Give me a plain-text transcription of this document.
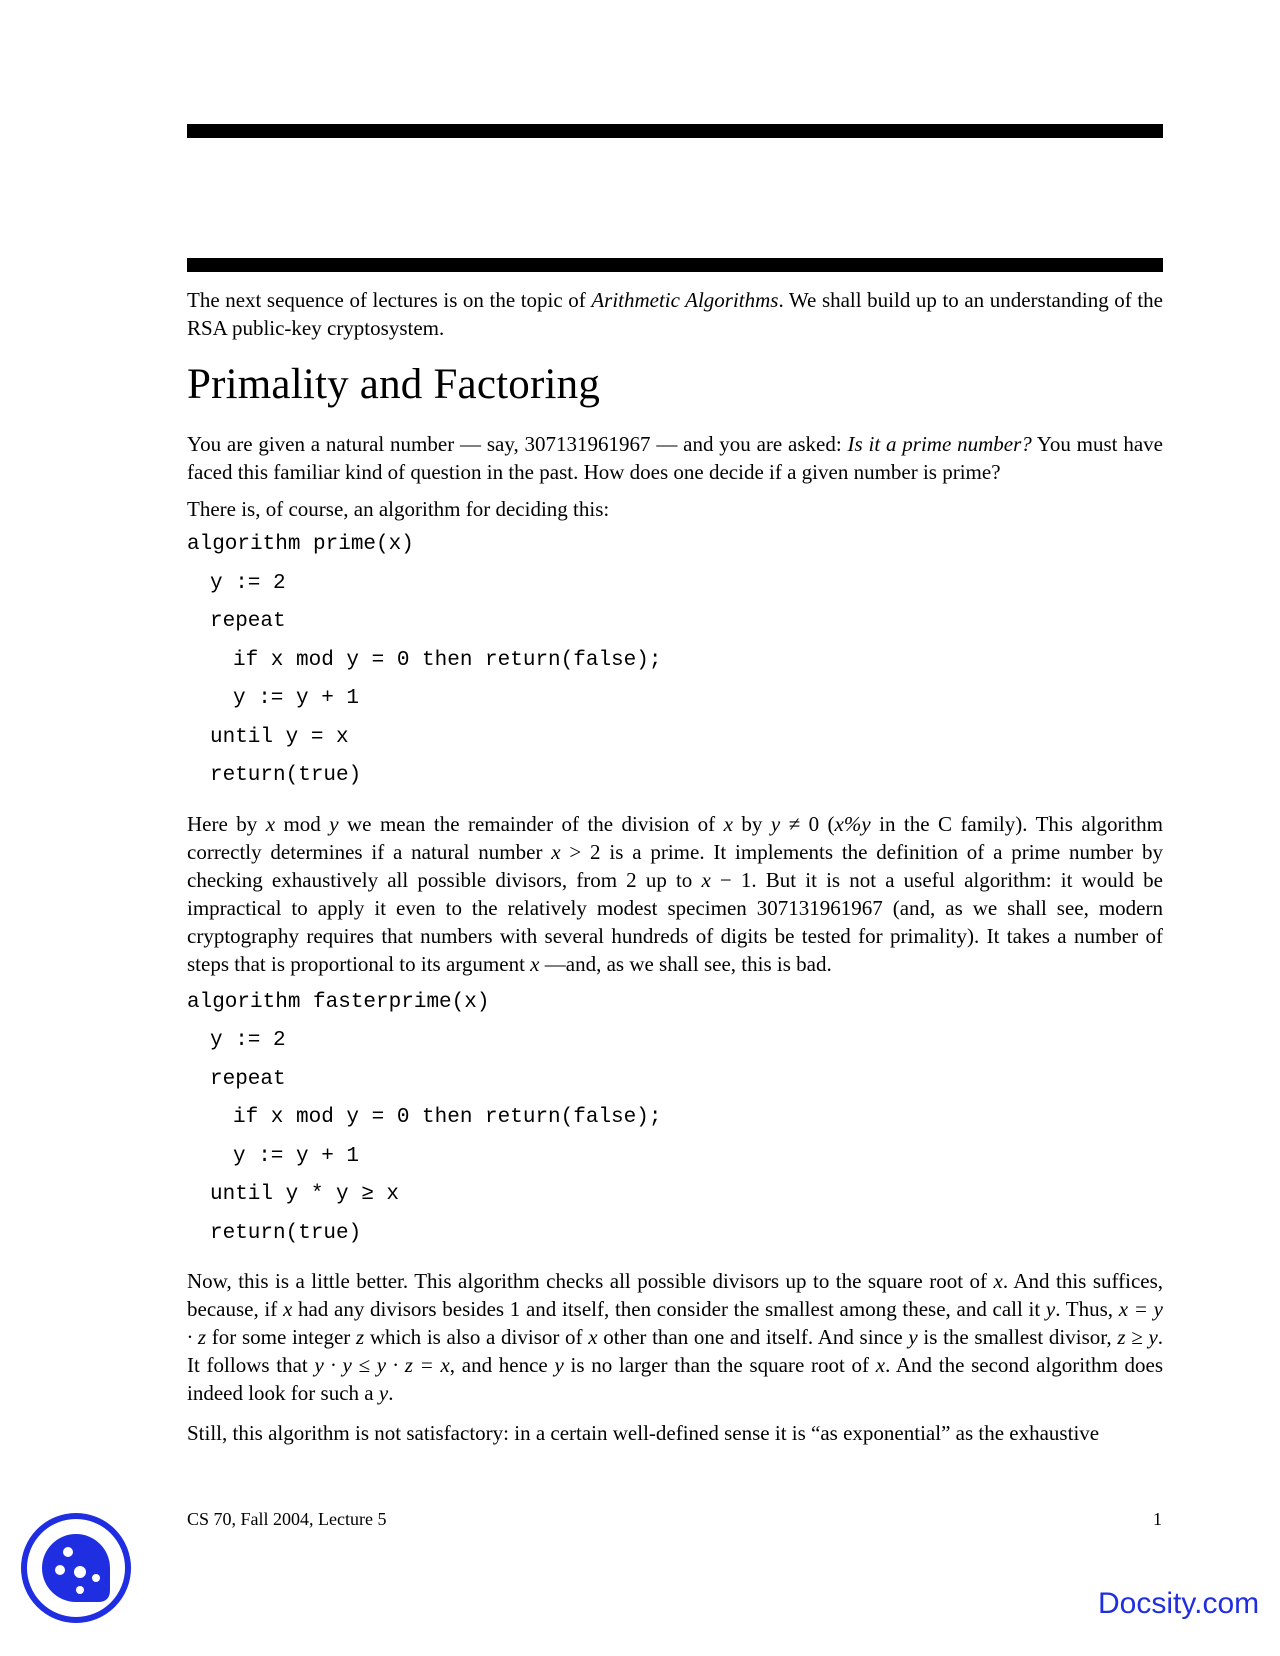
The next sequence of lectures is on the topic of Arithmetic Algorithms. We shall build up to an understanding of the RSA public-key cryptosystem.

Primality and Factoring

You are given a natural number — say, 307131961967 — and you are asked: Is it a prime number? You must have faced this familiar kind of question in the past. How does one decide if a given number is prime?

There is, of course, an algorithm for deciding this:

algorithm prime(x)
y := 2
repeat
if x mod y = 0 then return(false);
y := y + 1
until y = x
return(true)

Here by x mod y we mean the remainder of the division of x by y ≠ 0 (x%y in the C family). This algorithm correctly determines if a natural number x > 2 is a prime. It implements the definition of a prime number by checking exhaustively all possible divisors, from 2 up to x − 1. But it is not a useful algorithm: it would be impractical to apply it even to the relatively modest specimen 307131961967 (and, as we shall see, modern cryptography requires that numbers with several hundreds of digits be tested for primality). It takes a number of steps that is proportional to its argument x —and, as we shall see, this is bad.

algorithm fasterprime(x)
y := 2
repeat
if x mod y = 0 then return(false);
y := y + 1
until y * y ≥ x
return(true)

Now, this is a little better. This algorithm checks all possible divisors up to the square root of x. And this suffices, because, if x had any divisors besides 1 and itself, then consider the smallest among these, and call it y. Thus, x = y · z for some integer z which is also a divisor of x other than one and itself. And since y is the smallest divisor, z ≥ y. It follows that y · y ≤ y · z = x, and hence y is no larger than the square root of x. And the second algorithm does indeed look for such a y.

Still, this algorithm is not satisfactory: in a certain well-defined sense it is “as exponential” as the exhaustive

CS 70, Fall 2004, Lecture 5	1
Docsity.com
